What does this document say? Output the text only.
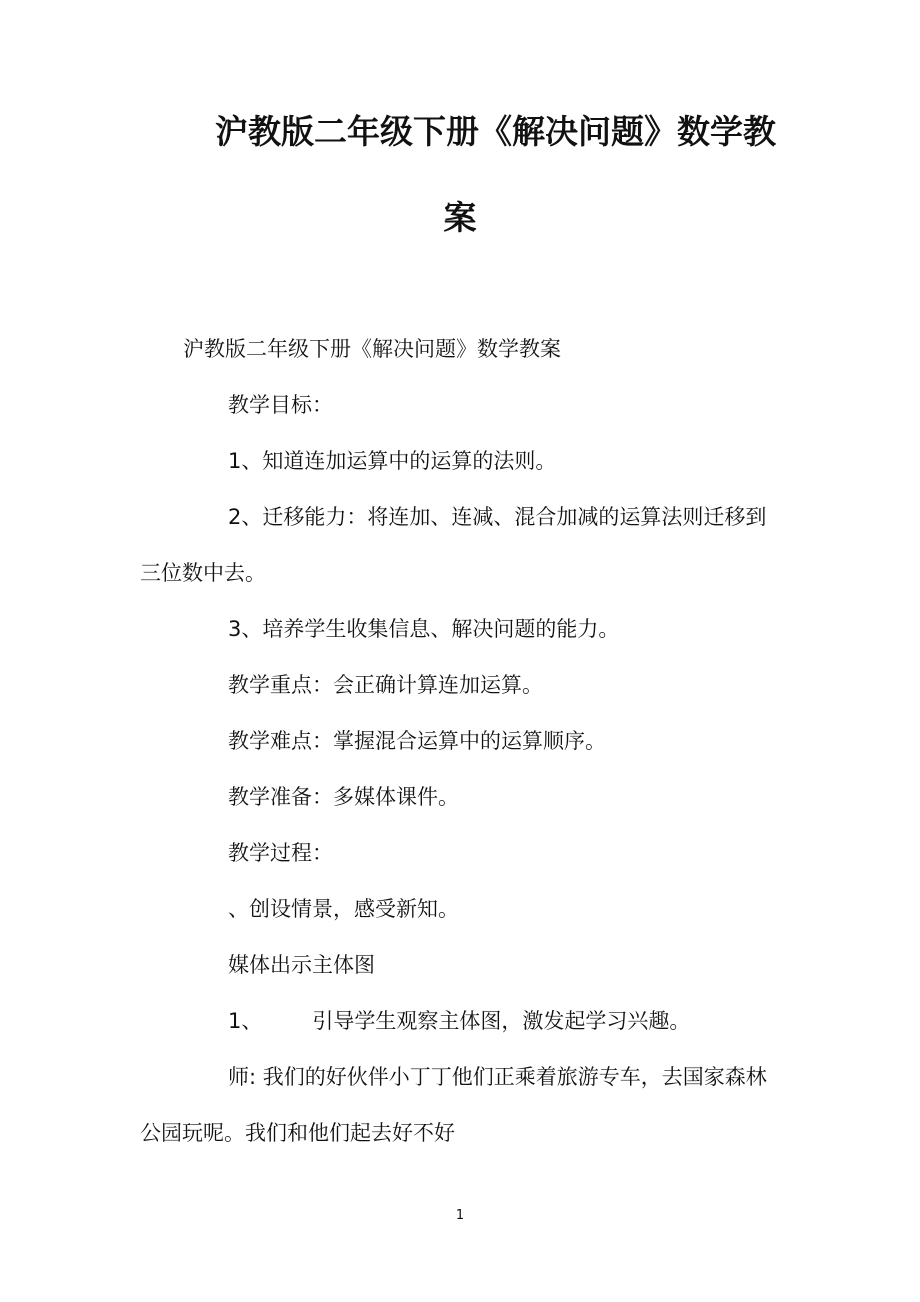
沪教版二年级下册《解决问题》数学教
案
沪教版二年级下册《解决问题》数学教案
教学目标：
1、知道连加运算中的运算的法则。
2、迁移能力：将连加、连减、混合加减的运算法则迁移到
三位数中去。
3、培养学生收集信息、解决问题的能力。
教学重点：会正确计算连加运算。
教学难点：掌握混合运算中的运算顺序。
教学准备：多媒体课件。
教学过程：
、创设情景，感受新知。
媒体出示主体图
1、 引导学生观察主体图，激发起学习兴趣。
师: 我们的好伙伴小丁丁他们正乘着旅游专车，去国家森林
公园玩呢。我们和他们起去好不好
1
